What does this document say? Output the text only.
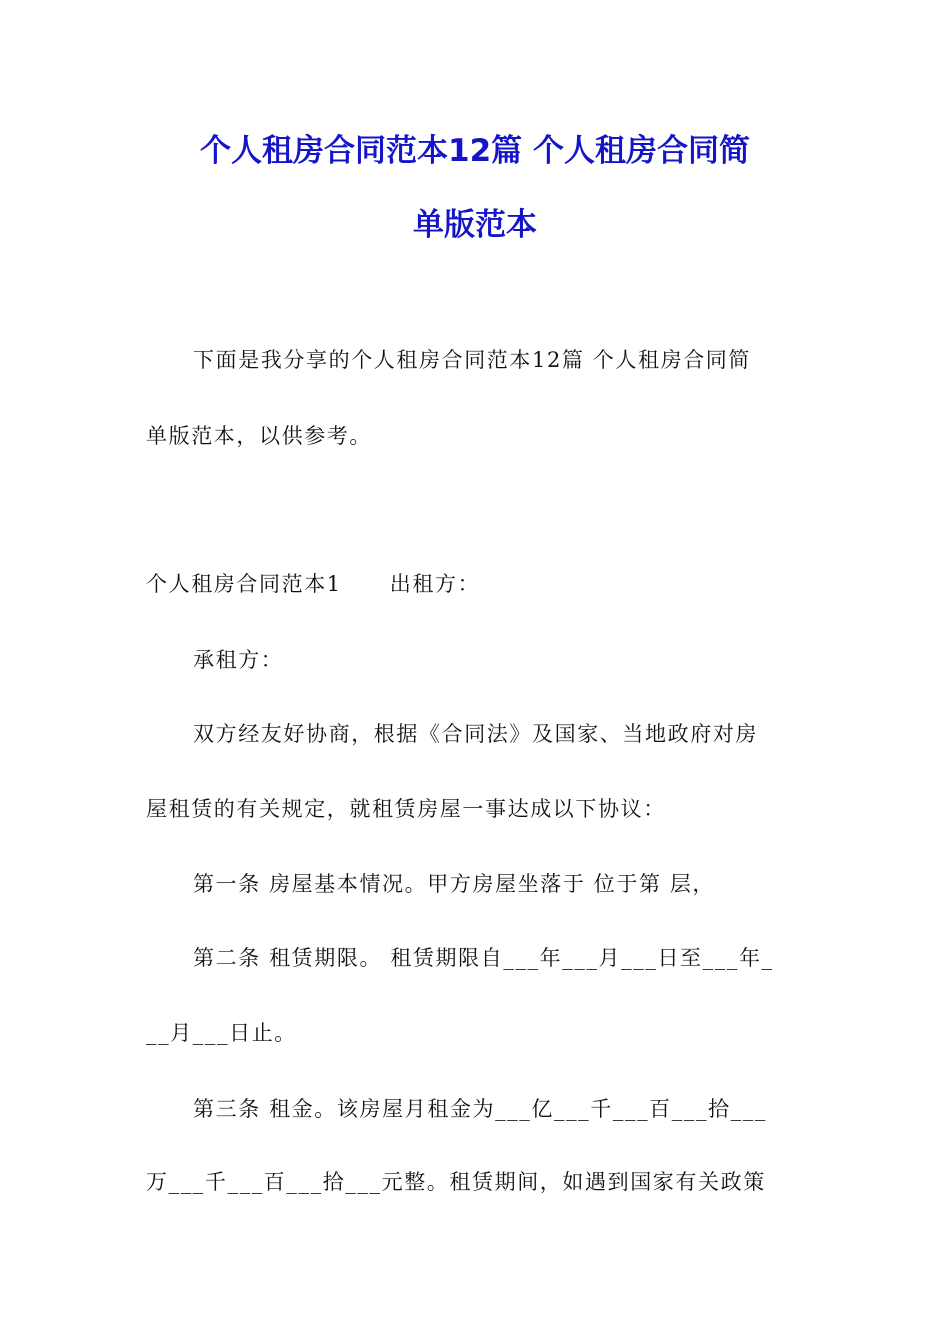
个人租房合同范本12篇 个人租房合同简
单版范本

下面是我分享的个人租房合同范本12篇 个人租房合同简

单版范本，以供参考。

个人租房合同范本1 出租方：

承租方：

双方经友好协商，根据《合同法》及国家、当地政府对房

屋租赁的有关规定，就租赁房屋一事达成以下协议：

第一条 房屋基本情况。甲方房屋坐落于 位于第 层，

第二条 租赁期限。 租赁期限自___年___月___日至___年_

__月___日止。

第三条 租金。该房屋月租金为___亿___千___百___拾___

万___千___百___拾___元整。租赁期间，如遇到国家有关政策
